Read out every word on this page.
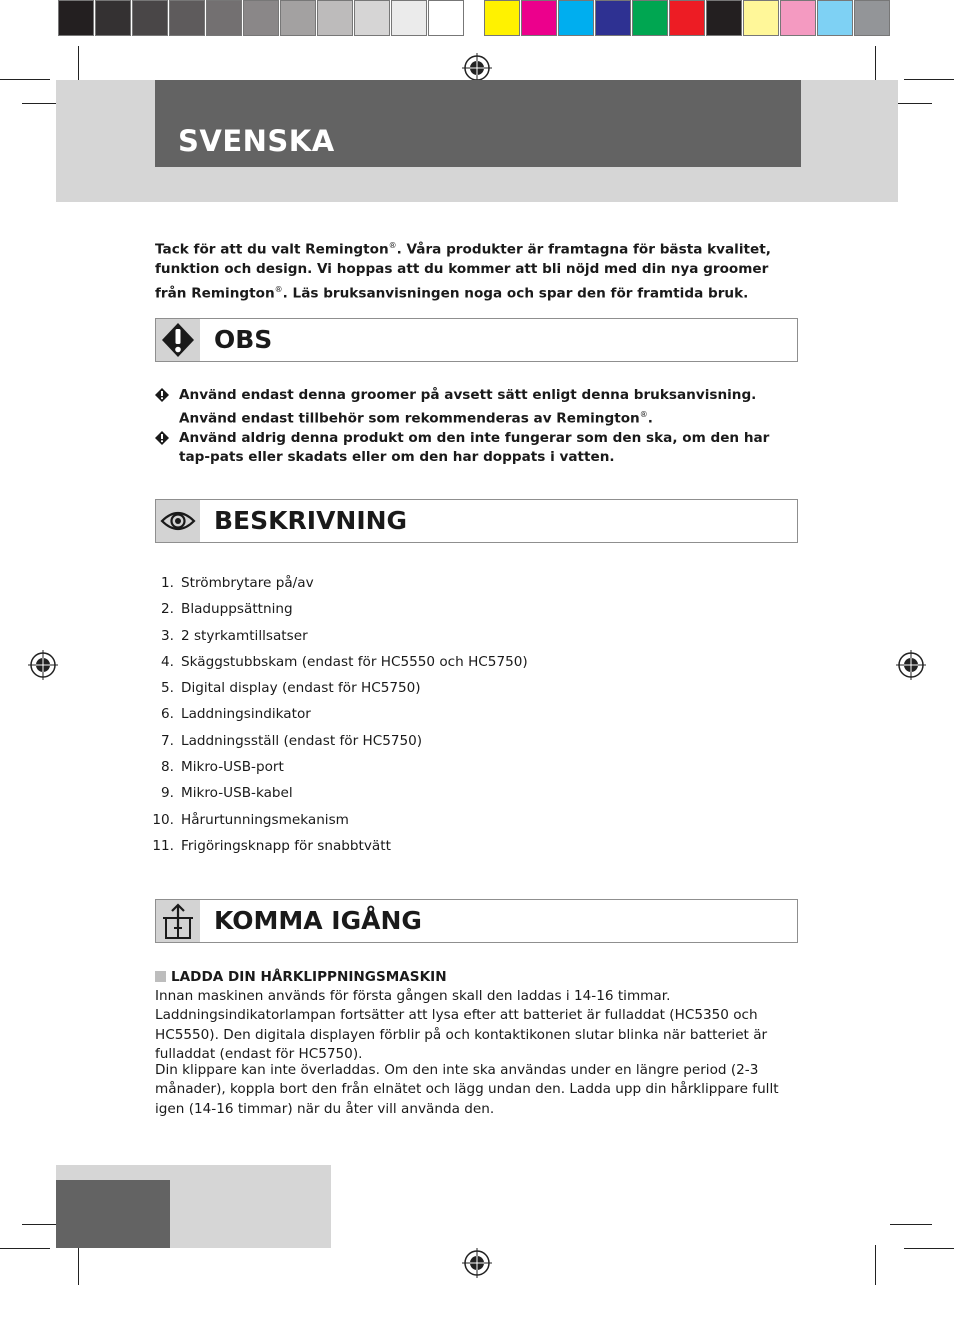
SVENSKA

Tack för att du valt Remington®. Våra produkter är framtagna för bästa kvalitet, funktion och design. Vi hoppas att du kommer att bli nöjd med din nya groomer från Remington®. Läs bruksanvisningen noga och spar den för framtida bruk.

OBS
Använd endast denna groomer på avsett sätt enligt denna bruksanvisning. Använd endast tillbehör som rekommenderas av Remington®.
Använd aldrig denna produkt om den inte fungerar som den ska, om den har tap-pats eller skadats eller om den har doppats i vatten.
BESKRIVNING
1. Strömbrytare på/av
2. Bladuppsättning
3. 2 styrkamtillsatser
4. Skäggstubbskam (endast för HC5550 och HC5750)
5. Digital display (endast för HC5750)
6. Laddningsindikator
7. Laddningsställ (endast för HC5750)
8. Mikro-USB-port
9. Mikro-USB-kabel
10. Hårurtunningsmekanism
11. Frigöringsknapp för snabbtvätt
KOMMA IGÅNG
LADDA DIN HÅRKLIPPNINGSMASKIN

Innan maskinen används för första gången skall den laddas i 14-16 timmar. Laddningsindikatorlampan fortsätter att lysa efter att batteriet är fulladdat (HC5350 och HC5550). Den digitala displayen förblir på och kontaktikonen slutar blinka när batteriet är fulladdat (endast för HC5750).

Din klippare kan inte överladdas. Om den inte ska användas under en längre period (2-3 månader), koppla bort den från elnätet och lägg undan den. Ladda upp din hårklippare fullt igen (14-16 timmar) när du åter vill använda den.
